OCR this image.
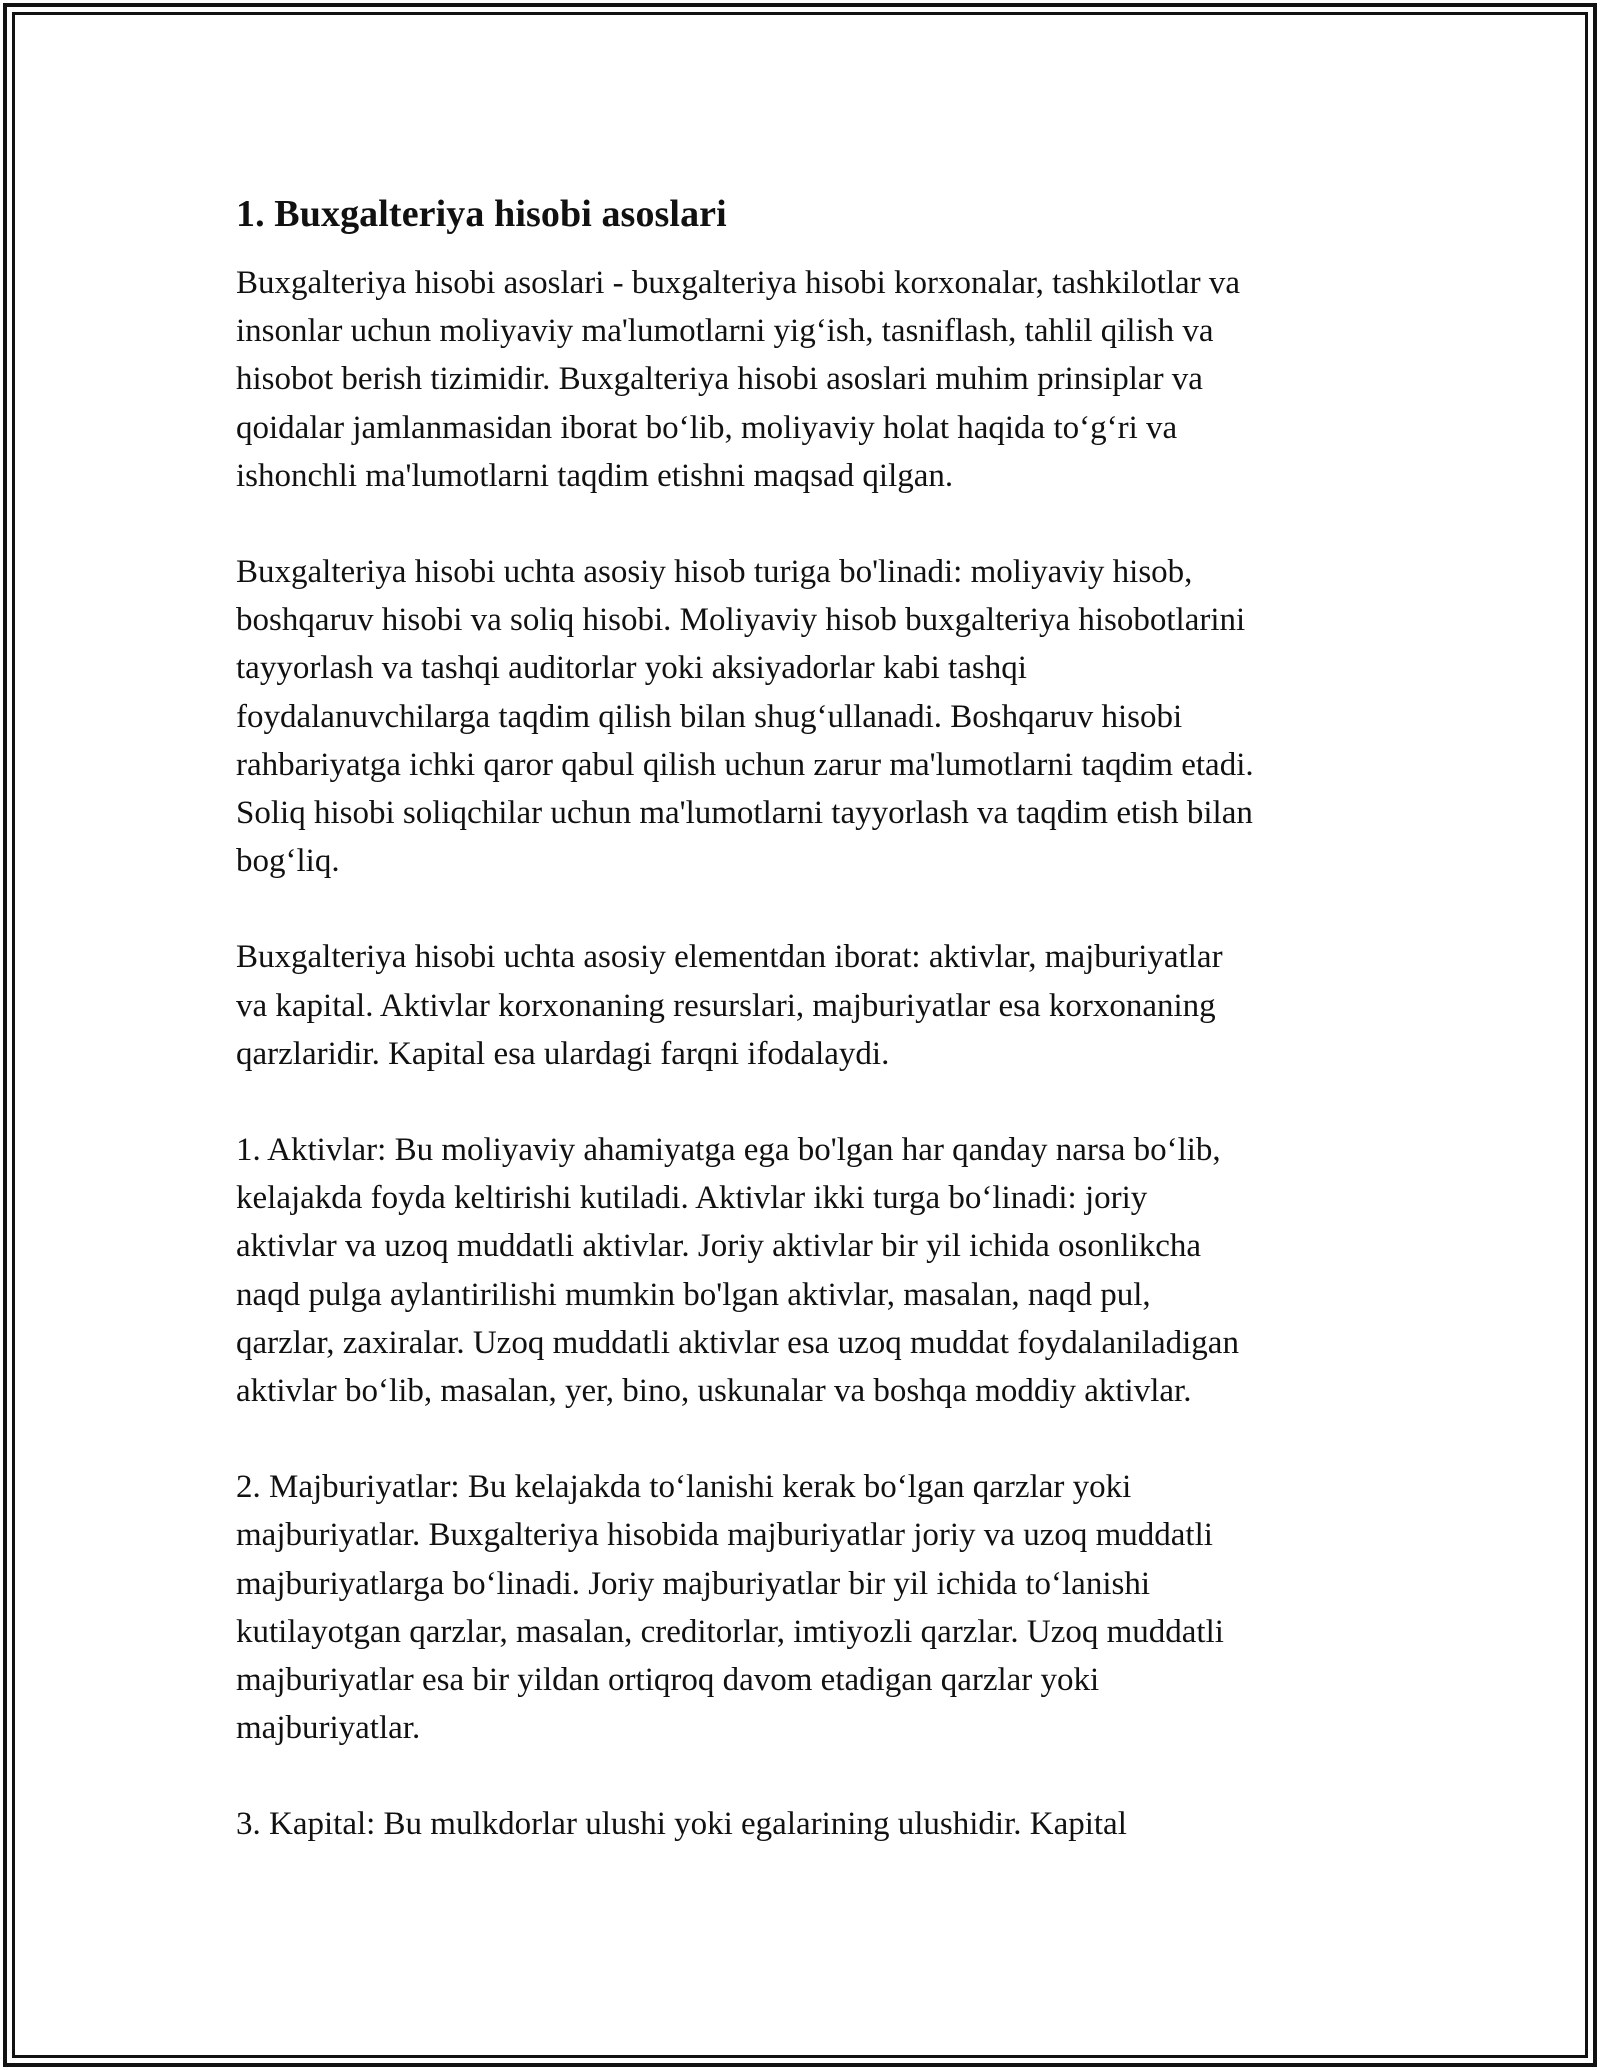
1. Buxgalteriya hisobi asoslari

Buxgalteriya hisobi asoslari - buxgalteriya hisobi korxonalar, tashkilotlar va
insonlar uchun moliyaviy ma'lumotlarni yig‘ish, tasniflash, tahlil qilish va
hisobot berish tizimidir. Buxgalteriya hisobi asoslari muhim prinsiplar va
qoidalar jamlanmasidan iborat bo‘lib, moliyaviy holat haqida to‘g‘ri va
ishonchli ma'lumotlarni taqdim etishni maqsad qilgan.

Buxgalteriya hisobi uchta asosiy hisob turiga bo'linadi: moliyaviy hisob,
boshqaruv hisobi va soliq hisobi. Moliyaviy hisob buxgalteriya hisobotlarini
tayyorlash va tashqi auditorlar yoki aksiyadorlar kabi tashqi
foydalanuvchilarga taqdim qilish bilan shug‘ullanadi. Boshqaruv hisobi
rahbariyatga ichki qaror qabul qilish uchun zarur ma'lumotlarni taqdim etadi.
Soliq hisobi soliqchilar uchun ma'lumotlarni tayyorlash va taqdim etish bilan
bog‘liq.

Buxgalteriya hisobi uchta asosiy elementdan iborat: aktivlar, majburiyatlar
va kapital. Aktivlar korxonaning resurslari, majburiyatlar esa korxonaning
qarzlaridir. Kapital esa ulardagi farqni ifodalaydi.

1. Aktivlar: Bu moliyaviy ahamiyatga ega bo'lgan har qanday narsa bo‘lib,
kelajakda foyda keltirishi kutiladi. Aktivlar ikki turga bo‘linadi: joriy
aktivlar va uzoq muddatli aktivlar. Joriy aktivlar bir yil ichida osonlikcha
naqd pulga aylantirilishi mumkin bo'lgan aktivlar, masalan, naqd pul,
qarzlar, zaxiralar. Uzoq muddatli aktivlar esa uzoq muddat foydalaniladigan
aktivlar bo‘lib, masalan, yer, bino, uskunalar va boshqa moddiy aktivlar.

2. Majburiyatlar: Bu kelajakda to‘lanishi kerak bo‘lgan qarzlar yoki
majburiyatlar. Buxgalteriya hisobida majburiyatlar joriy va uzoq muddatli
majburiyatlarga bo‘linadi. Joriy majburiyatlar bir yil ichida to‘lanishi
kutilayotgan qarzlar, masalan, creditorlar, imtiyozli qarzlar. Uzoq muddatli
majburiyatlar esa bir yildan ortiqroq davom etadigan qarzlar yoki
majburiyatlar.

3. Kapital: Bu mulkdorlar ulushi yoki egalarining ulushidir. Kapital
